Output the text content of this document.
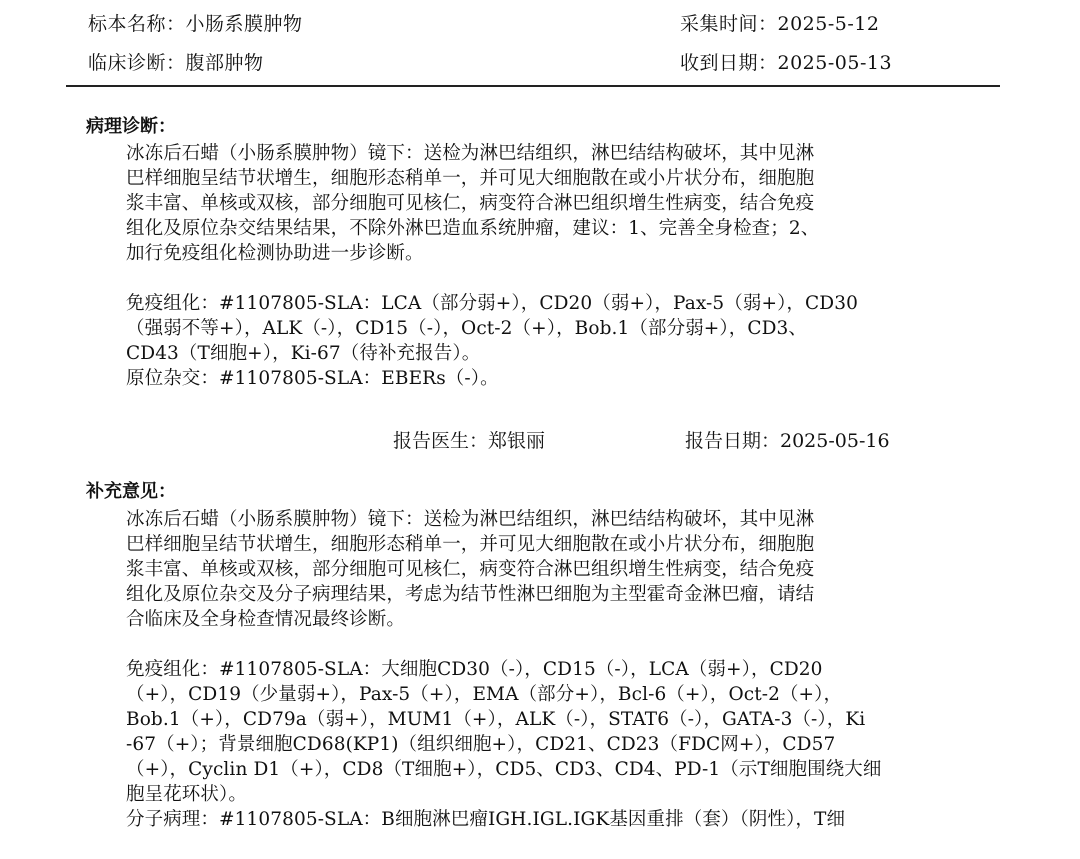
标本名称：小肠系膜肿物	采集时间：2025-5-12
临床诊断：腹部肿物	收到日期：2025-05-13
病理诊断：
冰冻后石蜡（小肠系膜肿物）镜下：送检为淋巴结组织，淋巴结结构破坏，其中见淋
巴样细胞呈结节状增生，细胞形态稍单一，并可见大细胞散在或小片状分布，细胞胞
浆丰富、单核或双核，部分细胞可见核仁，病变符合淋巴组织增生性病变，结合免疫
组化及原位杂交结果结果，不除外淋巴造血系统肿瘤，建议：1、完善全身检查；2、
加行免疫组化检测协助进一步诊断。
免疫组化：#1107805-SLA：LCA（部分弱+），CD20（弱+），Pax-5（弱+），CD30
（强弱不等+），ALK（-），CD15（-），Oct-2（+），Bob.1（部分弱+），CD3、
CD43（T细胞+），Ki-67（待补充报告）。
原位杂交：#1107805-SLA：EBERs（-）。
报告医生：郑银丽	报告日期：2025-05-16
补充意见：
冰冻后石蜡（小肠系膜肿物）镜下：送检为淋巴结组织，淋巴结结构破坏，其中见淋
巴样细胞呈结节状增生，细胞形态稍单一，并可见大细胞散在或小片状分布，细胞胞
浆丰富、单核或双核，部分细胞可见核仁，病变符合淋巴组织增生性病变，结合免疫
组化及原位杂交及分子病理结果，考虑为结节性淋巴细胞为主型霍奇金淋巴瘤，请结
合临床及全身检查情况最终诊断。
免疫组化：#1107805-SLA：大细胞CD30（-），CD15（-），LCA（弱+），CD20
（+），CD19（少量弱+），Pax-5（+），EMA（部分+），Bcl-6（+），Oct-2（+），
Bob.1（+），CD79a（弱+），MUM1（+），ALK（-），STAT6（-），GATA-3（-），Ki
-67（+）；背景细胞CD68(KP1)（组织细胞+），CD21、CD23（FDC网+），CD57
（+），Cyclin D1（+），CD8（T细胞+），CD5、CD3、CD4、PD-1（示T细胞围绕大细
胞呈花环状）。
分子病理：#1107805-SLA：B细胞淋巴瘤IGH.IGL.IGK基因重排（套）（阴性），T细
